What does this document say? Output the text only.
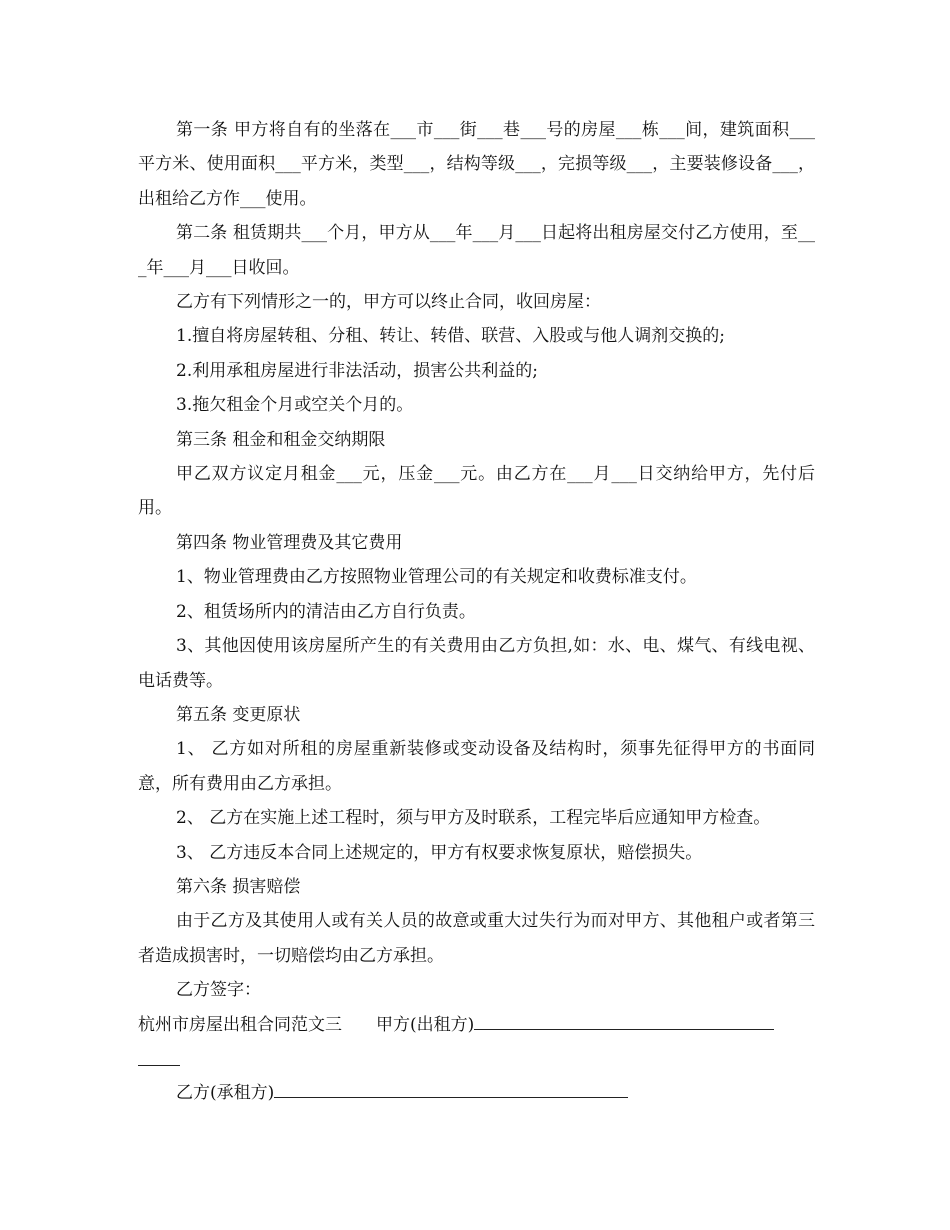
第一条 甲方将自有的坐落在___市___街___巷___号的房屋___栋___间，建筑面积___平方米、使用面积___平方米，类型___，结构等级___，完损等级___，主要装修设备___，出租给乙方作___使用。

第二条 租赁期共___个月，甲方从___年___月___日起将出租房屋交付乙方使用，至___年___月___日收回。

乙方有下列情形之一的，甲方可以终止合同，收回房屋：

1.擅自将房屋转租、分租、转让、转借、联营、入股或与他人调剂交换的;

2.利用承租房屋进行非法活动，损害公共利益的;

3.拖欠租金个月或空关个月的。

第三条 租金和租金交纳期限

甲乙双方议定月租金___元，压金___元。由乙方在___月___日交纳给甲方，先付后用。

第四条 物业管理费及其它费用

1、物业管理费由乙方按照物业管理公司的有关规定和收费标准支付。

2、租赁场所内的清洁由乙方自行负责。

3、其他因使用该房屋所产生的有关费用由乙方负担,如：水、电、煤气、有线电视、电话费等。

第五条 变更原状

1、 乙方如对所租的房屋重新装修或变动设备及结构时，须事先征得甲方的书面同意，所有费用由乙方承担。

2、 乙方在实施上述工程时，须与甲方及时联系，工程完毕后应通知甲方检查。

3、 乙方违反本合同上述规定的，甲方有权要求恢复原状，赔偿损失。

第六条 损害赔偿

由于乙方及其使用人或有关人员的故意或重大过失行为而对甲方、其他租户或者第三者造成损害时，一切赔偿均由乙方承担。

乙方签字：

杭州市房屋出租合同范文三 甲方(出租方)

乙方(承租方)
